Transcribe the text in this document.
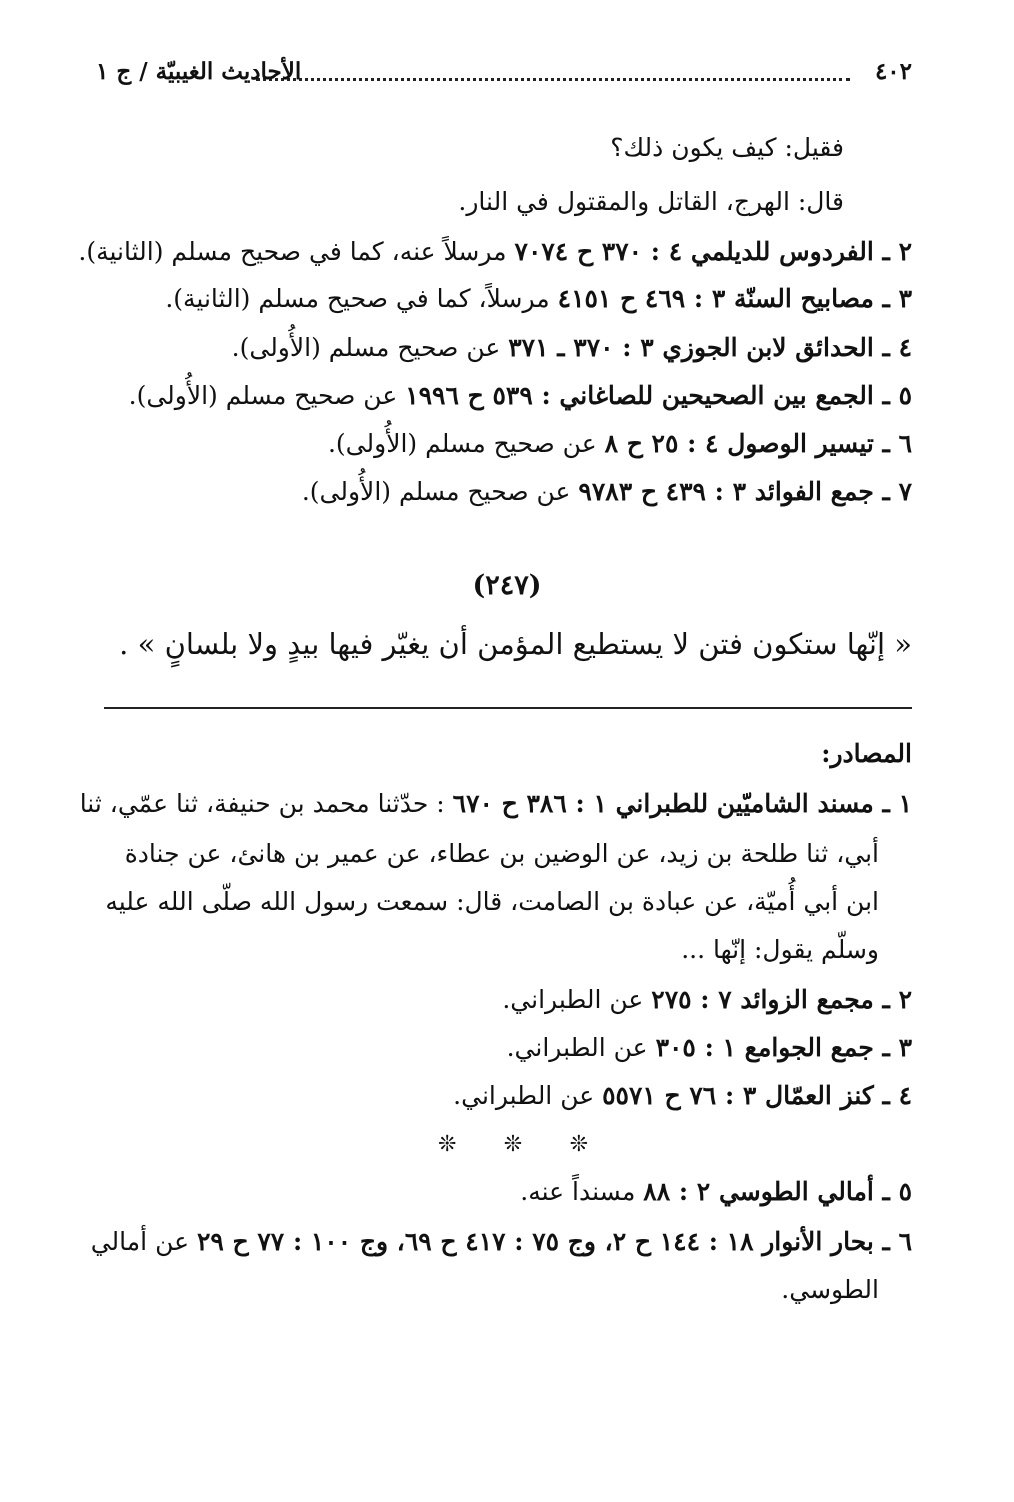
٤٠٢
الأحاديث الغيبيّة / ج ١
فقيل: كيف يكون ذلك؟
قال: الهرج، القاتل والمقتول في النار.
٢ ـ الفردوس للديلمي ٤ : ٣٧٠ ح ٧٠٧٤ مرسلاً عنه، كما في صحيح مسلم (الثانية).
٣ ـ مصابيح السنّة ٣ : ٤٦٩ ح ٤١٥١ مرسلاً، كما في صحيح مسلم (الثانية).
٤ ـ الحدائق لابن الجوزي ٣ : ٣٧٠ ـ ٣٧١ عن صحيح مسلم (الأُولى).
٥ ـ الجمع بين الصحيحين للصاغاني : ٥٣٩ ح ١٩٩٦ عن صحيح مسلم (الأُولى).
٦ ـ تيسير الوصول ٤ : ٢٥ ح ٨ عن صحيح مسلم (الأُولى).
٧ ـ جمع الفوائد ٣ : ٤٣٩ ح ٩٧٨٣ عن صحيح مسلم (الأُولى).
(٢٤٧)
« إنّها ستكون فتن لا يستطيع المؤمن أن يغيّر فيها بيدٍ ولا بلسانٍ » .
المصادر:
١ ـ مسند الشاميّين للطبراني ١ : ٣٨٦ ح ٦٧٠ : حدّثنا محمد بن حنيفة، ثنا عمّي، ثنا
أبي، ثنا طلحة بن زيد، عن الوضين بن عطاء، عن عمير بن هانئ، عن جنادة
ابن أبي أُميّة، عن عبادة بن الصامت، قال: سمعت رسول الله صلّى الله عليه
وسلّم يقول: إنّها ...
٢ ـ مجمع الزوائد ٧ : ٢٧٥ عن الطبراني.
٣ ـ جمع الجوامع ١ : ٣٠٥ عن الطبراني.
٤ ـ كنز العمّال ٣ : ٧٦ ح ٥٥٧١ عن الطبراني.
❊ ❊ ❊
٥ ـ أمالي الطوسي ٢ : ٨٨ مسنداً عنه.
٦ ـ بحار الأنوار ١٨ : ١٤٤ ح ٢، وج ٧٥ : ٤١٧ ح ٦٩، وج ١٠٠ : ٧٧ ح ٢٩ عن أمالي
الطوسي.
